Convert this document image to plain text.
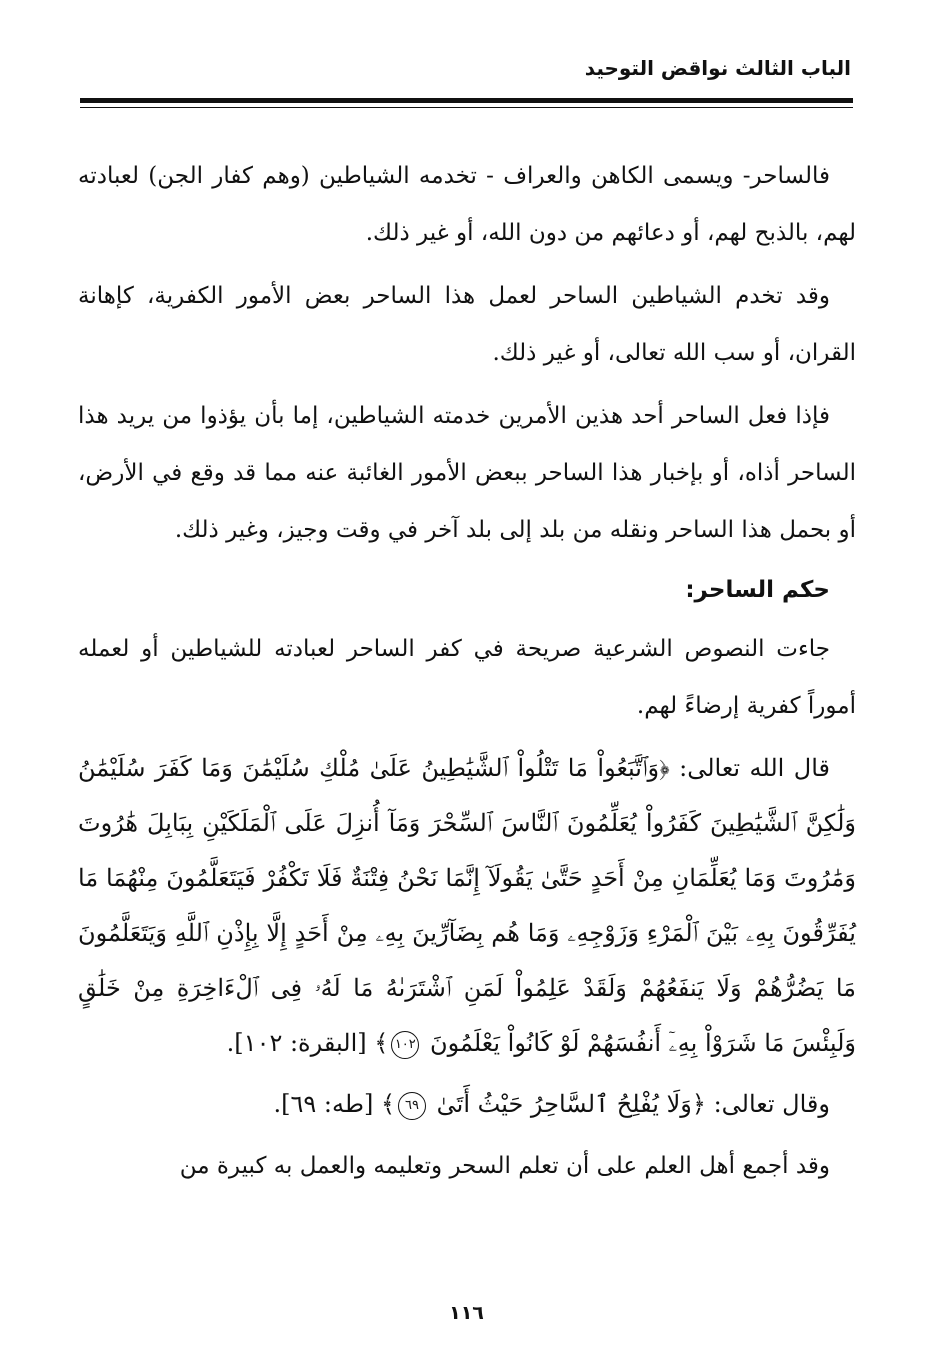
الباب الثالث نواقض التوحيد

فالساحر- ويسمى الكاهن والعراف - تخدمه الشياطين (وهم كفار الجن) لعبادته لهم، بالذبح لهم، أو دعائهم من دون الله، أو غير ذلك.

وقد تخدم الشياطين الساحر لعمل هذا الساحر بعض الأمور الكفرية، كإهانة القران، أو سب الله تعالى، أو غير ذلك.

فإذا فعل الساحر أحد هذين الأمرين خدمته الشياطين، إما بأن يؤذوا من يريد هذا الساحر أذاه، أو بإخبار هذا الساحر ببعض الأمور الغائبة عنه مما قد وقع في الأرض، أو بحمل هذا الساحر ونقله من بلد إلى بلد آخر في وقت وجيز، وغير ذلك.

حكم الساحر:

جاءت النصوص الشرعية صريحة في كفر الساحر لعبادته للشياطين أو لعمله أموراً كفرية إرضاءً لهم.

قال الله تعالى: ﴿وَٱتَّبَعُواْ مَا تَتْلُواْ ٱلشَّيَٰطِينُ عَلَىٰ مُلْكِ سُلَيْمَٰنَ وَمَا كَفَرَ سُلَيْمَٰنُ وَلَٰكِنَّ ٱلشَّيَٰطِينَ كَفَرُواْ يُعَلِّمُونَ ٱلنَّاسَ ٱلسِّحْرَ وَمَآ أُنزِلَ عَلَى ٱلْمَلَكَيْنِ بِبَابِلَ هَٰرُوتَ وَمَٰرُوتَ وَمَا يُعَلِّمَانِ مِنْ أَحَدٍ حَتَّىٰ يَقُولَآ إِنَّمَا نَحْنُ فِتْنَةٌ فَلَا تَكْفُرْ فَيَتَعَلَّمُونَ مِنْهُمَا مَا يُفَرِّقُونَ بِهِۦ بَيْنَ ٱلْمَرْءِ وَزَوْجِهِۦ وَمَا هُم بِضَآرِّينَ بِهِۦ مِنْ أَحَدٍ إِلَّا بِإِذْنِ ٱللَّهِ وَيَتَعَلَّمُونَ مَا يَضُرُّهُمْ وَلَا يَنفَعُهُمْ وَلَقَدْ عَلِمُواْ لَمَنِ ٱشْتَرَىٰهُ مَا لَهُۥ فِى ٱلْءَاخِرَةِ مِنْ خَلَٰقٍ وَلَبِئْسَ مَا شَرَوْاْ بِهِۦٓ أَنفُسَهُمْ لَوْ كَانُواْ يَعْلَمُونَ ١٠٢﴾ [البقرة: ١٠٢].

وقال تعالى: ﴿وَلَا يُفْلِحُ ٱلسَّاحِرُ حَيْثُ أَتَىٰ ٦٩﴾ [طه: ٦٩].

وقد أجمع أهل العلم على أن تعلم السحر وتعليمه والعمل به كبيرة من

١١٦
